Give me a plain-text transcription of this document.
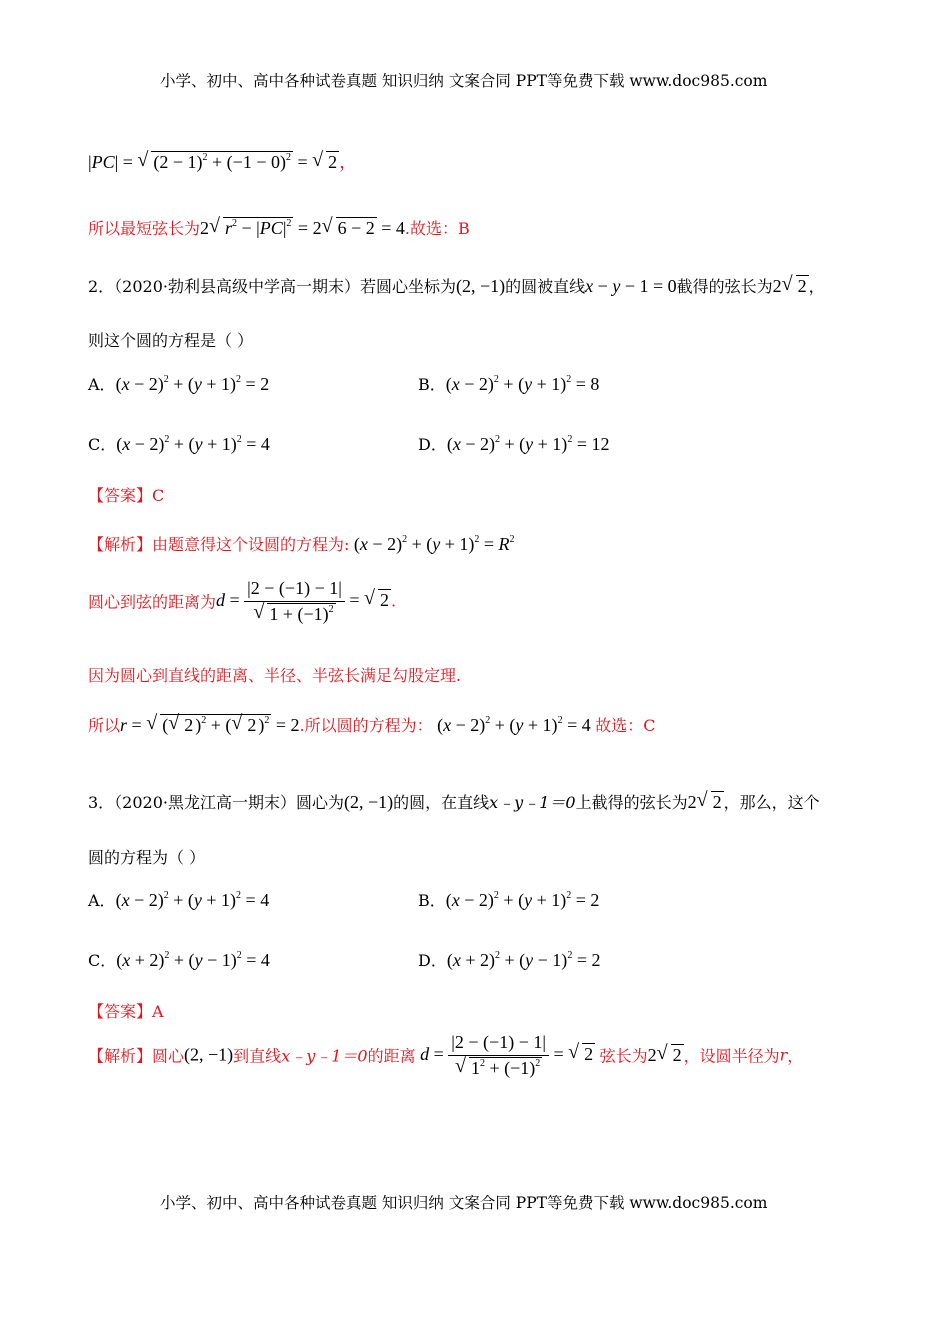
小学、初中、高中各种试卷真题 知识归纳 文案合同 PPT等免费下载 www.doc985.com
|PC| = √ $(2 - 1)^2 + (-1 - 0)^2$ = √ 2 ，
所以最短弦长为2√ $r^2 - |PC|^2 = 2√$ 6 − 2 = 4.故选：B
2．（2020·勃利县高级中学高一期末）若圆心坐标为(2, −1)的圆被直线x − y − 1 = 0截得的弦长为2√ 2 ，
则这个圆的方程是（ ）
A．$(x - 2)^2 + (y + 1)^2 = 2$	B．$(x - 2)^2 + (y + 1)^2 = 8$
C．$(x - 2)^2 + (y + 1)^2 = 4$	D．$(x - 2)^2 + (y + 1)^2 = 12$
【答案】C
【解析】由题意得这个设圆的方程为: $(x - 2)^2 + (y + 1)^2 = R^2$
圆心到弦的距离为d = |2 − (−1) − 1|
√ $1 + (-1)^2$ = √ 2 .
因为圆心到直线的距离、半径、半弦长满足勾股定理.
所以r = √ (√ 2 )$^2$ + (√ 2 )$^2$ = 2.所以圆的方程为： $(x - 2)^2 + (y + 1)^2 = 4$ 故选：C
3．（2020·黑龙江高一期末）圆心为(2, −1)的圆，在直线x﹣y﹣1＝0上截得的弦长为2√ 2 ，那么，这个
圆的方程为（ ）
A．$(x - 2)^2 + (y + 1)^2 = 4$	B．$(x - 2)^2 + (y + 1)^2 = 2$
C．$(x + 2)^2 + (y - 1)^2 = 4$	D．$(x + 2)^2 + (y - 1)^2 = 2$
【答案】A
【解析】圆心(2, −1)到直线x﹣y﹣1＝0的距离 d = |2 − (−1) − 1|
√ $1^2 + (-1)^2$ = √ 2 弦长为2√ 2 ，设圆半径为r，
小学、初中、高中各种试卷真题 知识归纳 文案合同 PPT等免费下载 www.doc985.com
